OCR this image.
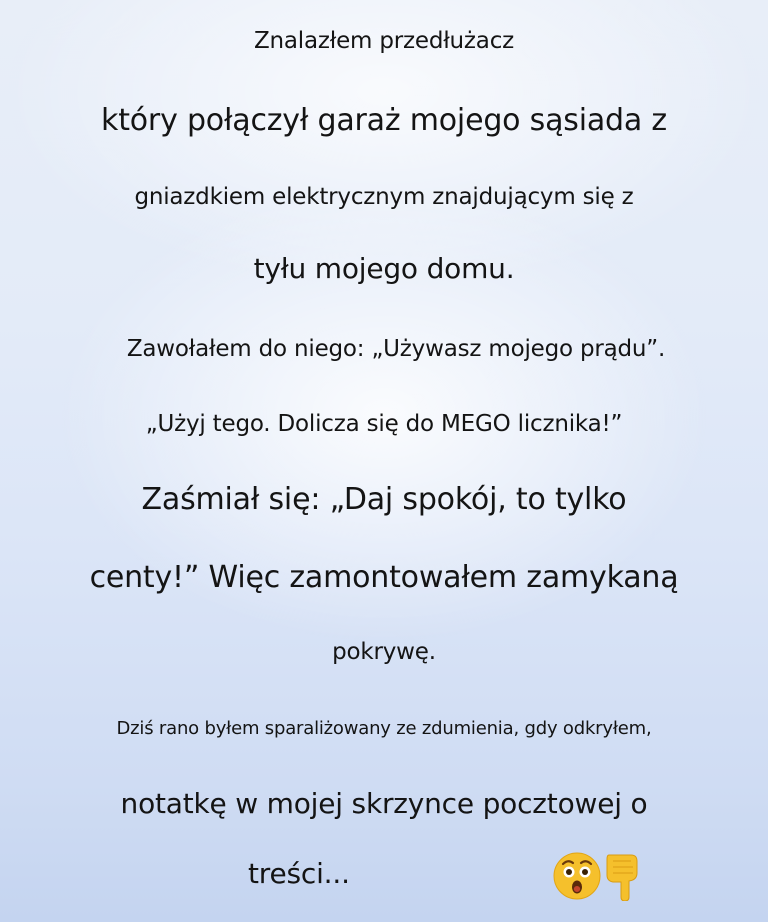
Znalazłem przedłużacz
który połączył garaż mojego sąsiada z
gniazdkiem elektrycznym znajdującym się z
tyłu mojego domu.
Zawołałem do niego: „Używasz mojego prądu”.
„Użyj tego. Dolicza się do MEGO licznika!”
Zaśmiał się: „Daj spokój, to tylko
centy!” Więc zamontowałem zamykaną
pokrywę.
Dziś rano byłem sparaliżowany ze zdumienia, gdy odkryłem,
notatkę w mojej skrzynce pocztowej o
treści...
